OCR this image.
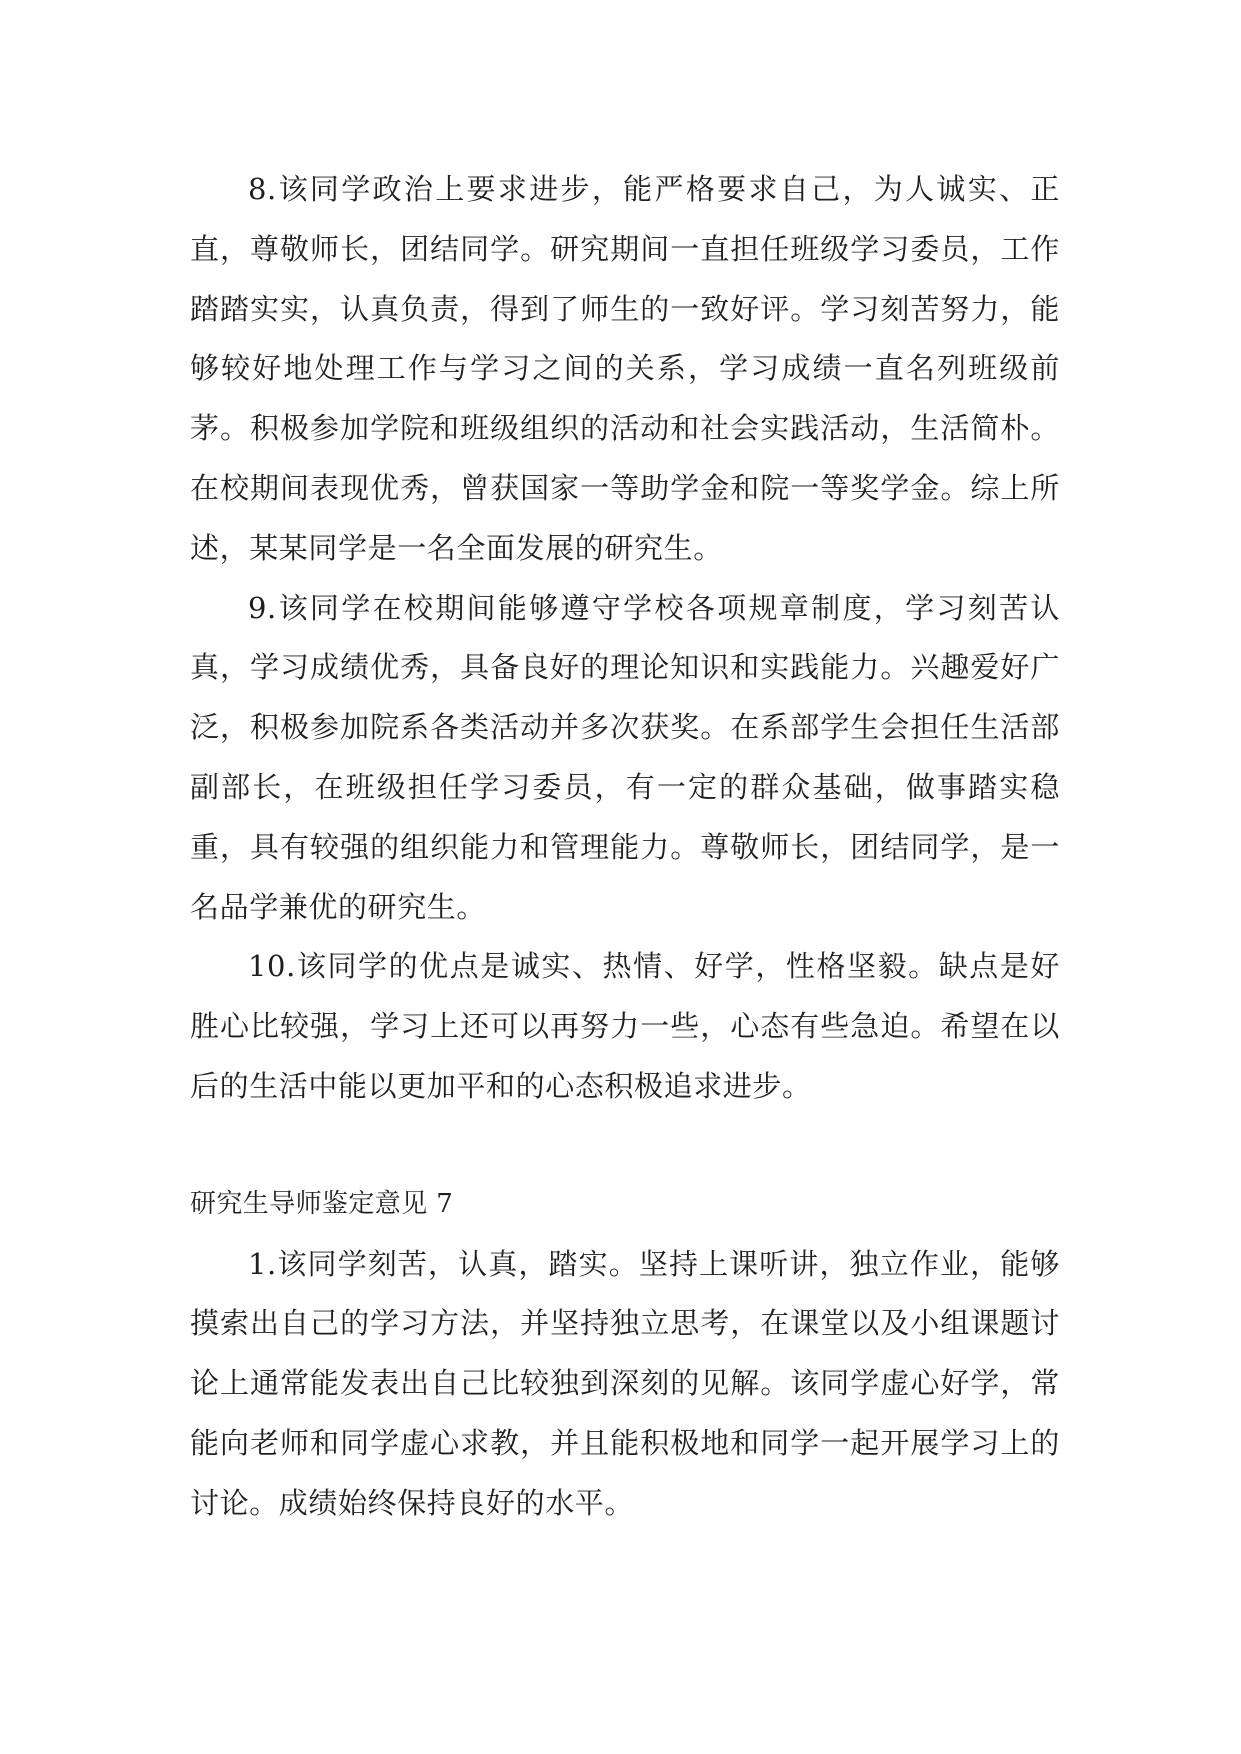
8.该同学政治上要求进步，能严格要求自己，为人诚实、正直，尊敬师长，团结同学。研究期间一直担任班级学习委员，工作踏踏实实，认真负责，得到了师生的一致好评。学习刻苦努力，能够较好地处理工作与学习之间的关系，学习成绩一直名列班级前茅。积极参加学院和班级组织的活动和社会实践活动，生活简朴。在校期间表现优秀，曾获国家一等助学金和院一等奖学金。综上所述，某某同学是一名全面发展的研究生。

9.该同学在校期间能够遵守学校各项规章制度，学习刻苦认真，学习成绩优秀，具备良好的理论知识和实践能力。兴趣爱好广泛，积极参加院系各类活动并多次获奖。在系部学生会担任生活部副部长，在班级担任学习委员，有一定的群众基础，做事踏实稳重，具有较强的组织能力和管理能力。尊敬师长，团结同学，是一名品学兼优的研究生。

10.该同学的优点是诚实、热情、好学，性格坚毅。缺点是好胜心比较强，学习上还可以再努力一些，心态有些急迫。希望在以后的生活中能以更加平和的心态积极追求进步。

研究生导师鉴定意见 7

1.该同学刻苦，认真，踏实。坚持上课听讲，独立作业，能够摸索出自己的学习方法，并坚持独立思考，在课堂以及小组课题讨论上通常能发表出自己比较独到深刻的见解。该同学虚心好学，常能向老师和同学虚心求教，并且能积极地和同学一起开展学习上的讨论。成绩始终保持良好的水平。
